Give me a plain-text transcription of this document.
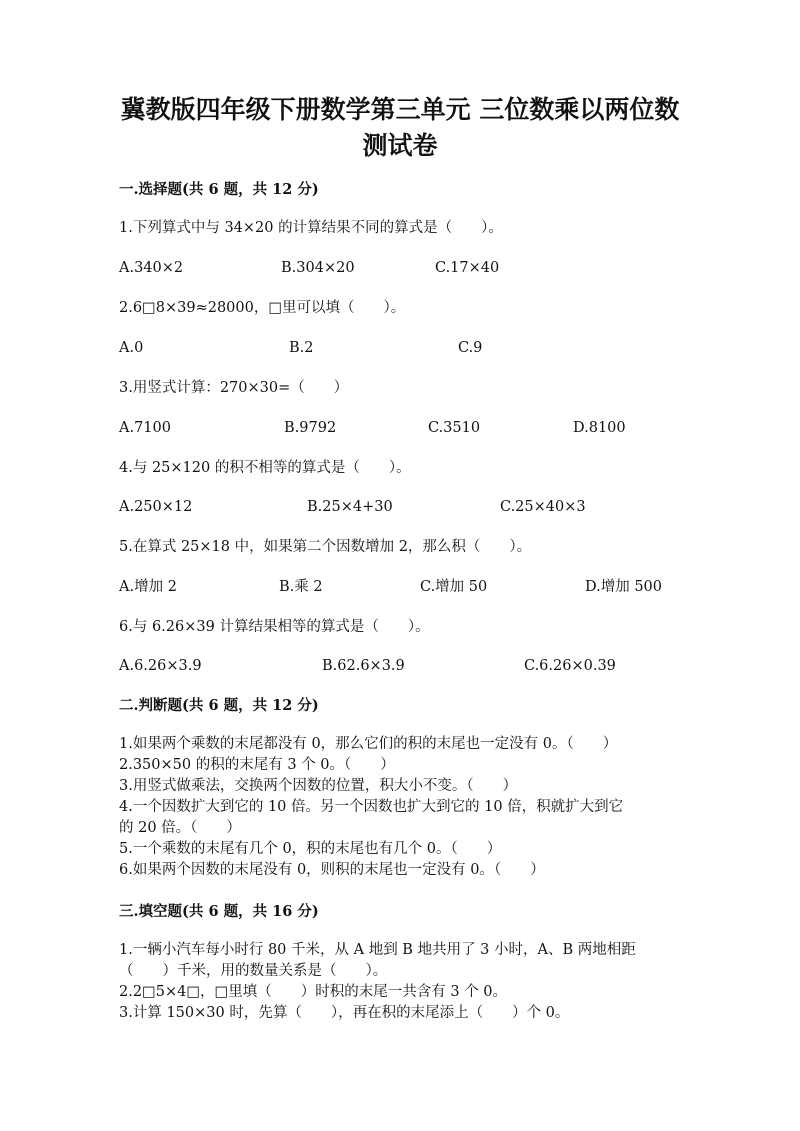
冀教版四年级下册数学第三单元 三位数乘以两位数
测试卷
一.选择题(共 6 题，共 12 分)
1.下列算式中与 34×20 的计算结果不同的算式是（　　）。
A.340×2	B.304×20	C.17×40
2.6□8×39≈28000，□里可以填（　　）。
A.0	B.2	C.9
3.用竖式计算：270×30=（　　）
A.7100	B.9792	C.3510	D.8100
4.与 25×120 的积不相等的算式是（　　）。
A.250×12	B.25×4+30	C.25×40×3
5.在算式 25×18 中，如果第二个因数增加 2，那么积（　　）。
A.增加 2	B.乘 2	C.增加 50	D.增加 500
6.与 6.26×39 计算结果相等的算式是（　　）。
A.6.26×3.9	B.62.6×3.9	C.6.26×0.39
二.判断题(共 6 题，共 12 分)
1.如果两个乘数的末尾都没有 0，那么它们的积的末尾也一定没有 0。（　　）
2.350×50 的积的末尾有 3 个 0。（　　）
3.用竖式做乘法，交换两个因数的位置，积大小不变。（　　）
4.一个因数扩大到它的 10 倍。另一个因数也扩大到它的 10 倍，积就扩大到它
的 20 倍。（　　）
5.一个乘数的末尾有几个 0，积的末尾也有几个 0。（　　）
6.如果两个因数的末尾没有 0，则积的末尾也一定没有 0。（　　）
三.填空题(共 6 题，共 16 分)
1.一辆小汽车每小时行 80 千米，从 A 地到 B 地共用了 3 小时，A、B 两地相距
（　　）千米，用的数量关系是（　　）。
2.2□5×4□，□里填（　　）时积的末尾一共含有 3 个 0。
3.计算 150×30 时，先算（　　），再在积的末尾添上（　　）个 0。
